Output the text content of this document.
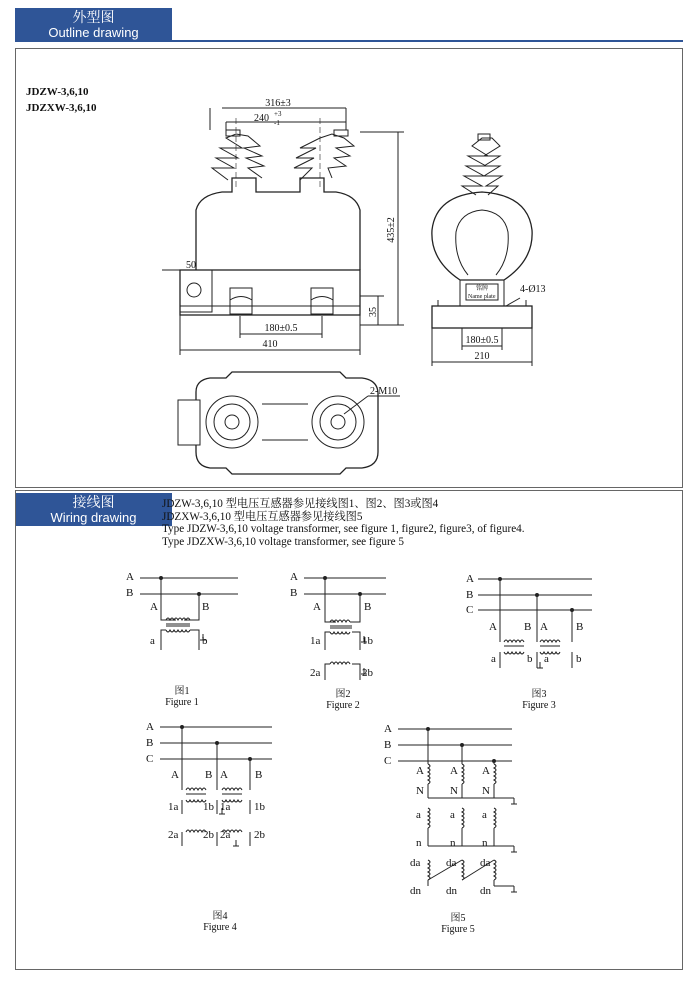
外型图
Outline drawing
接线图
Wiring drawing
JDZW-3,6,10
JDZXW-3,6,10
JDZW-3,6,10 型电压互感器参见接线图1、图2、图3或图4
JDZXW-3,6,10 型电压互感器参见接线图5
Type JDZW-3,6,10 voltage transformer, see figure 1, figure2, figure3, of figure4.
Type JDZXW-3,6,10 voltage transformer, see figure 5
316±3
240 +3
-1
435±2
50
35
180±0.5
410
铭牌
Name plate
4-Ø13
180±0.5
210
2-M10
A
B
A	B
a	b
A
B
A	B
1a	1b
2a	2b
A
B
C
A B A	B
a	b a b
A
B
C
A B A B
1a 1b 1a 1b
2a 2b 2a 2b
A
B
C
A A A
N N N
a	a a
n	n n
da da da
dn dn dn
图1
Figure 1
图2
Figure 2
图3
Figure 3
图4
Figure 4
图5
Figure 5
